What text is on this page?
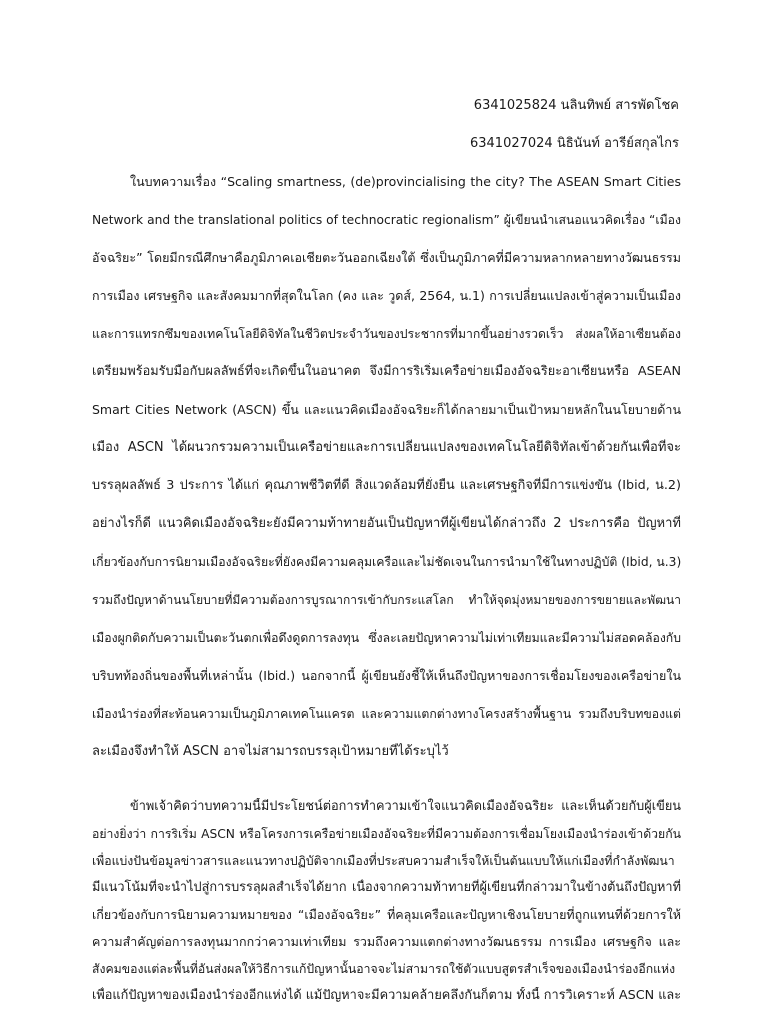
6341025824 นลินทิพย์ สารพัดโชค
6341027024 นิธินันท์ อารีย์สกุลไกร
ในบทความเรื่อง “Scaling smartness, (de)provincialising the city? The ASEAN Smart Cities
Network and the translational politics of technocratic regionalism” ผู้เขียนนำเสนอแนวคิดเรื่อง “เมือง
อัจฉริยะ” โดยมีกรณีศึกษาคือภูมิภาคเอเชียตะวันออกเฉียงใต้ ซึ่งเป็นภูมิภาคที่มีความหลากหลายทางวัฒนธรรม
การเมือง เศรษฐกิจ และสังคมมากที่สุดในโลก (คง และ วูดส์, 2564, น.1) การเปลี่ยนแปลงเข้าสู่ความเป็นเมือง
และการแทรกซึมของเทคโนโลยีดิจิทัลในชีวิตประจำวันของประชากรที่มากขึ้นอย่างรวดเร็ว ส่งผลให้อาเซียนต้อง
เตรียมพร้อมรับมือกับผลลัพธ์ที่จะเกิดขึ้นในอนาคต จึงมีการริเริ่มเครือข่ายเมืองอัจฉริยะอาเซียนหรือ ASEAN
Smart Cities Network (ASCN) ขึ้น และแนวคิดเมืองอัจฉริยะก็ได้กลายมาเป็นเป้าหมายหลักในนโยบายด้าน
เมือง ASCN ได้ผนวกรวมความเป็นเครือข่ายและการเปลี่ยนแปลงของเทคโนโลยีดิจิทัลเข้าด้วยกันเพื่อที่จะ
บรรลุผลลัพธ์ 3 ประการ ได้แก่ คุณภาพชีวิตที่ดี สิ่งแวดล้อมที่ยั่งยืน และเศรษฐกิจที่มีการแข่งขัน (Ibid, น.2)
อย่างไรก็ดี แนวคิดเมืองอัจฉริยะยังมีความท้าทายอันเป็นปัญหาที่ผู้เขียนได้กล่าวถึง 2 ประการคือ ปัญหาที่
เกี่ยวข้องกับการนิยามเมืองอัจฉริยะที่ยังคงมีความคลุมเครือและไม่ชัดเจนในการนำมาใช้ในทางปฏิบัติ (Ibid, น.3)
รวมถึงปัญหาด้านนโยบายที่มีความต้องการบูรณาการเข้ากับกระแสโลก ทำให้จุดมุ่งหมายของการขยายและพัฒนา
เมืองผูกติดกับความเป็นตะวันตกเพื่อดึงดูดการลงทุน ซึ่งละเลยปัญหาความไม่เท่าเทียมและมีความไม่สอดคล้องกับ
บริบทท้องถิ่นของพื้นที่เหล่านั้น (Ibid.) นอกจากนี้ ผู้เขียนยังชี้ให้เห็นถึงปัญหาของการเชื่อมโยงของเครือข่ายใน
เมืองนำร่องที่สะท้อนความเป็นภูมิภาคเทคโนแครต และความแตกต่างทางโครงสร้างพื้นฐาน รวมถึงบริบทของแต่
ละเมืองจึงทำให้ ASCN อาจไม่สามารถบรรลุเป้าหมายที่ได้ระบุไว้
ข้าพเจ้าคิดว่าบทความนี้มีประโยชน์ต่อการทำความเข้าใจแนวคิดเมืองอัจฉริยะ และเห็นด้วยกับผู้เขียน
อย่างยิ่งว่า การริเริ่ม ASCN หรือโครงการเครือข่ายเมืองอัจฉริยะที่มีความต้องการเชื่อมโยงเมืองนำร่องเข้าด้วยกัน
เพื่อแบ่งปันข้อมูลข่าวสารและแนวทางปฏิบัติจากเมืองที่ประสบความสำเร็จให้เป็นต้นแบบให้แก่เมืองที่กำลังพัฒนา
มีแนวโน้มที่จะนำไปสู่การบรรลุผลสำเร็จได้ยาก เนื่องจากความท้าทายที่ผู้เขียนที่กล่าวมาในข้างต้นถึงปัญหาที่
เกี่ยวข้องกับการนิยามความหมายของ “เมืองอัจฉริยะ” ที่คลุมเครือและปัญหาเชิงนโยบายที่ถูกแทนที่ด้วยการให้
ความสำคัญต่อการลงทุนมากกว่าความเท่าเทียม รวมถึงความแตกต่างทางวัฒนธรรม การเมือง เศรษฐกิจ และ
สังคมของแต่ละพื้นที่อันส่งผลให้วิธีการแก้ปัญหานั้นอาจจะไม่สามารถใช้ตัวแบบสูตรสำเร็จของเมืองนำร่องอีกแห่ง
เพื่อแก้ปัญหาของเมืองนำร่องอีกแห่งได้ แม้ปัญหาจะมีความคล้ายคลึงกันก็ตาม ทั้งนี้ การวิเคราะห์ ASCN และ
